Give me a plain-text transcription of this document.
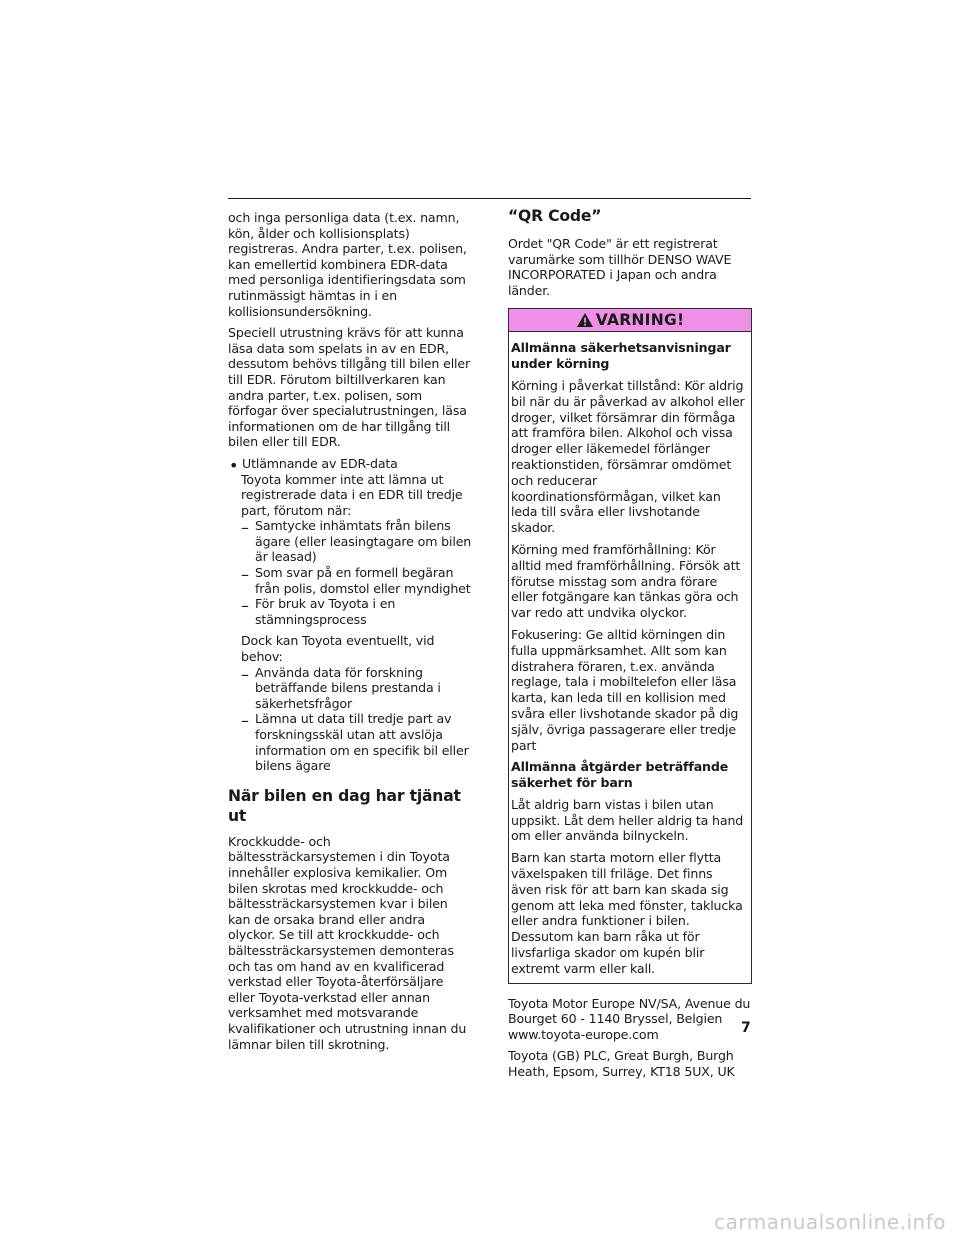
och inga personliga data (t.ex. namn, kön, ålder och kollisionsplats) registreras. Andra parter, t.ex. polisen, kan emellertid kombinera EDR-data med personliga identifieringsdata som rutinmässigt hämtas in i en kollisionsundersökning.

Speciell utrustning krävs för att kunna läsa data som spelats in av en EDR, dessutom behövs tillgång till bilen eller till EDR. Förutom biltillverkaren kan andra parter, t.ex. polisen, som förfogar över specialutrustningen, läsa informationen om de har tillgång till bilen eller till EDR.

• Utlämnande av EDR-data

Toyota kommer inte att lämna ut registrerade data i en EDR till tredje part, förutom när:

– Samtycke inhämtats från bilens ägare (eller leasingtagare om bilen är leasad)

– Som svar på en formell begäran från polis, domstol eller myndighet

– För bruk av Toyota i en stämningsprocess

Dock kan Toyota eventuellt, vid behov:

– Använda data för forskning beträffande bilens prestanda i säkerhetsfrågor

– Lämna ut data till tredje part av forskningsskäl utan att avslöja information om en specifik bil eller bilens ägare

När bilen en dag har tjänat ut

Krockkudde- och bältessträckarsystemen i din Toyota innehåller explosiva kemikalier. Om bilen skrotas med krockkudde- och bältessträckarsystemen kvar i bilen kan de orsaka brand eller andra olyckor. Se till att krockkudde- och bältessträckarsystemen demonteras och tas om hand av en kvalificerad verkstad eller Toyota-återförsäljare eller Toyota-verkstad eller annan verksamhet med motsvarande kvalifikationer och utrustning innan du lämnar bilen till skrotning.

“QR Code”

Ordet "QR Code" är ett registrerat varumärke som tillhör DENSO WAVE INCORPORATED i Japan och andra länder.

VARNING!

Allmänna säkerhetsanvisningar under körning

Körning i påverkat tillstånd: Kör aldrig bil när du är påverkad av alkohol eller droger, vilket försämrar din förmåga att framföra bilen. Alkohol och vissa droger eller läkemedel förlänger reaktionstiden, försämrar omdömet och reducerar koordinationsförmågan, vilket kan leda till svåra eller livshotande skador.

Körning med framförhållning: Kör alltid med framförhållning. Försök att förutse misstag som andra förare eller fotgängare kan tänkas göra och var redo att undvika olyckor.

Fokusering: Ge alltid körningen din fulla uppmärksamhet. Allt som kan distrahera föraren, t.ex. använda reglage, tala i mobiltelefon eller läsa karta, kan leda till en kollision med svåra eller livshotande skador på dig själv, övriga passagerare eller tredje part

Allmänna åtgärder beträffande säkerhet för barn

Låt aldrig barn vistas i bilen utan uppsikt. Låt dem heller aldrig ta hand om eller använda bilnyckeln.

Barn kan starta motorn eller flytta växelspaken till friläge. Det finns även risk för att barn kan skada sig genom att leka med fönster, taklucka eller andra funktioner i bilen. Dessutom kan barn råka ut för livsfarliga skador om kupén blir extremt varm eller kall.

Toyota Motor Europe NV/SA, Avenue du Bourget 60 - 1140 Bryssel, Belgien www.toyota-europe.com

Toyota (GB) PLC, Great Burgh, Burgh Heath, Epsom, Surrey, KT18 5UX, UK

7
carmanualsonline.info
